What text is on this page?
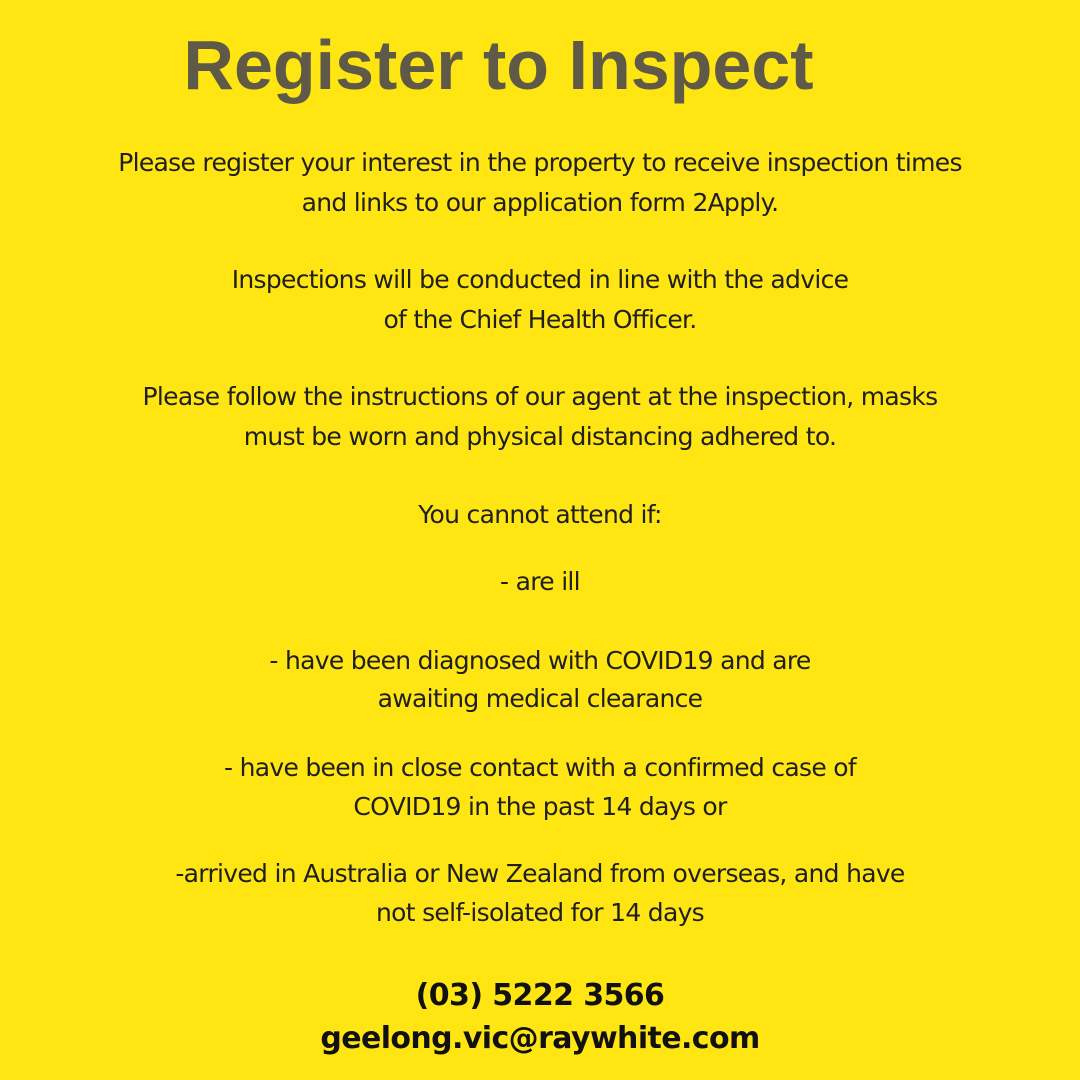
Register to Inspect
Please register your interest in the property to receive inspection times
and links to our application form 2Apply.
Inspections will be conducted in line with the advice
of the Chief Health Officer.
Please follow the instructions of our agent at the inspection, masks
must be worn and physical distancing adhered to.
You cannot attend if:
- are ill
- have been diagnosed with COVID19 and are
awaiting medical clearance
- have been in close contact with a confirmed case of
COVID19 in the past 14 days or
-arrived in Australia or New Zealand from overseas, and have
not self-isolated for 14 days
(03) 5222 3566
geelong.vic@raywhite.com
